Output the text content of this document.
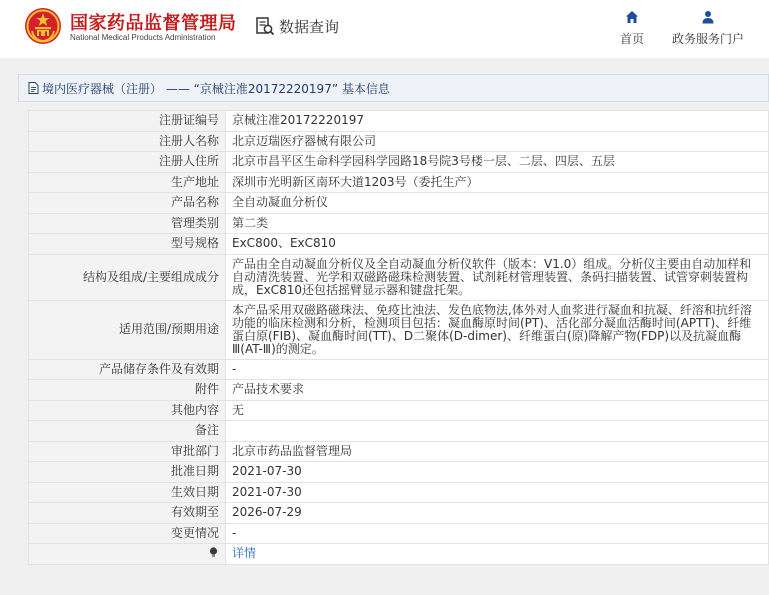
国家药品监督管理局
National Medical Products Administration
数据查询
首页 政务服务门户
境内医疗器械（注册） —— “京械注准20172220197” 基本信息
注册证编号	京械注准20172220197
注册人名称	北京迈瑞医疗器械有限公司
注册人住所	北京市昌平区生命科学园科学园路18号院3号楼一层、二层、四层、五层
生产地址	深圳市光明新区南环大道1203号（委托生产）
产品名称	全自动凝血分析仪
管理类别	第二类
型号规格	ExC800、ExC810
结构及组成/主要组成成分	产品由全自动凝血分析仪及全自动凝血分析仪软件（版本：V1.0）组成。分析仪主要由自动加样和自动清洗装置、光学和双磁路磁珠检测装置、试剂耗材管理装置、条码扫描装置、试管穿刺装置构成，ExC810还包括摇臂显示器和键盘托架。
适用范围/预期用途	本产品采用双磁路磁珠法、免疫比浊法、发色底物法,体外对人血浆进行凝血和抗凝、纤溶和抗纤溶功能的临床检测和分析，检测项目包括：凝血酶原时间(PT)、活化部分凝血活酶时间(APTT)、纤维蛋白原(FIB)、凝血酶时间(TT)、D二聚体(D-dimer)、纤维蛋白(原)降解产物(FDP)以及抗凝血酶Ⅲ(AT-Ⅲ)的测定。
产品储存条件及有效期	-
附件	产品技术要求
其他内容	无
备注	
审批部门	北京市药品监督管理局
批准日期	2021-07-30
生效日期	2021-07-30
有效期至	2026-07-29
变更情况	-
	详情
